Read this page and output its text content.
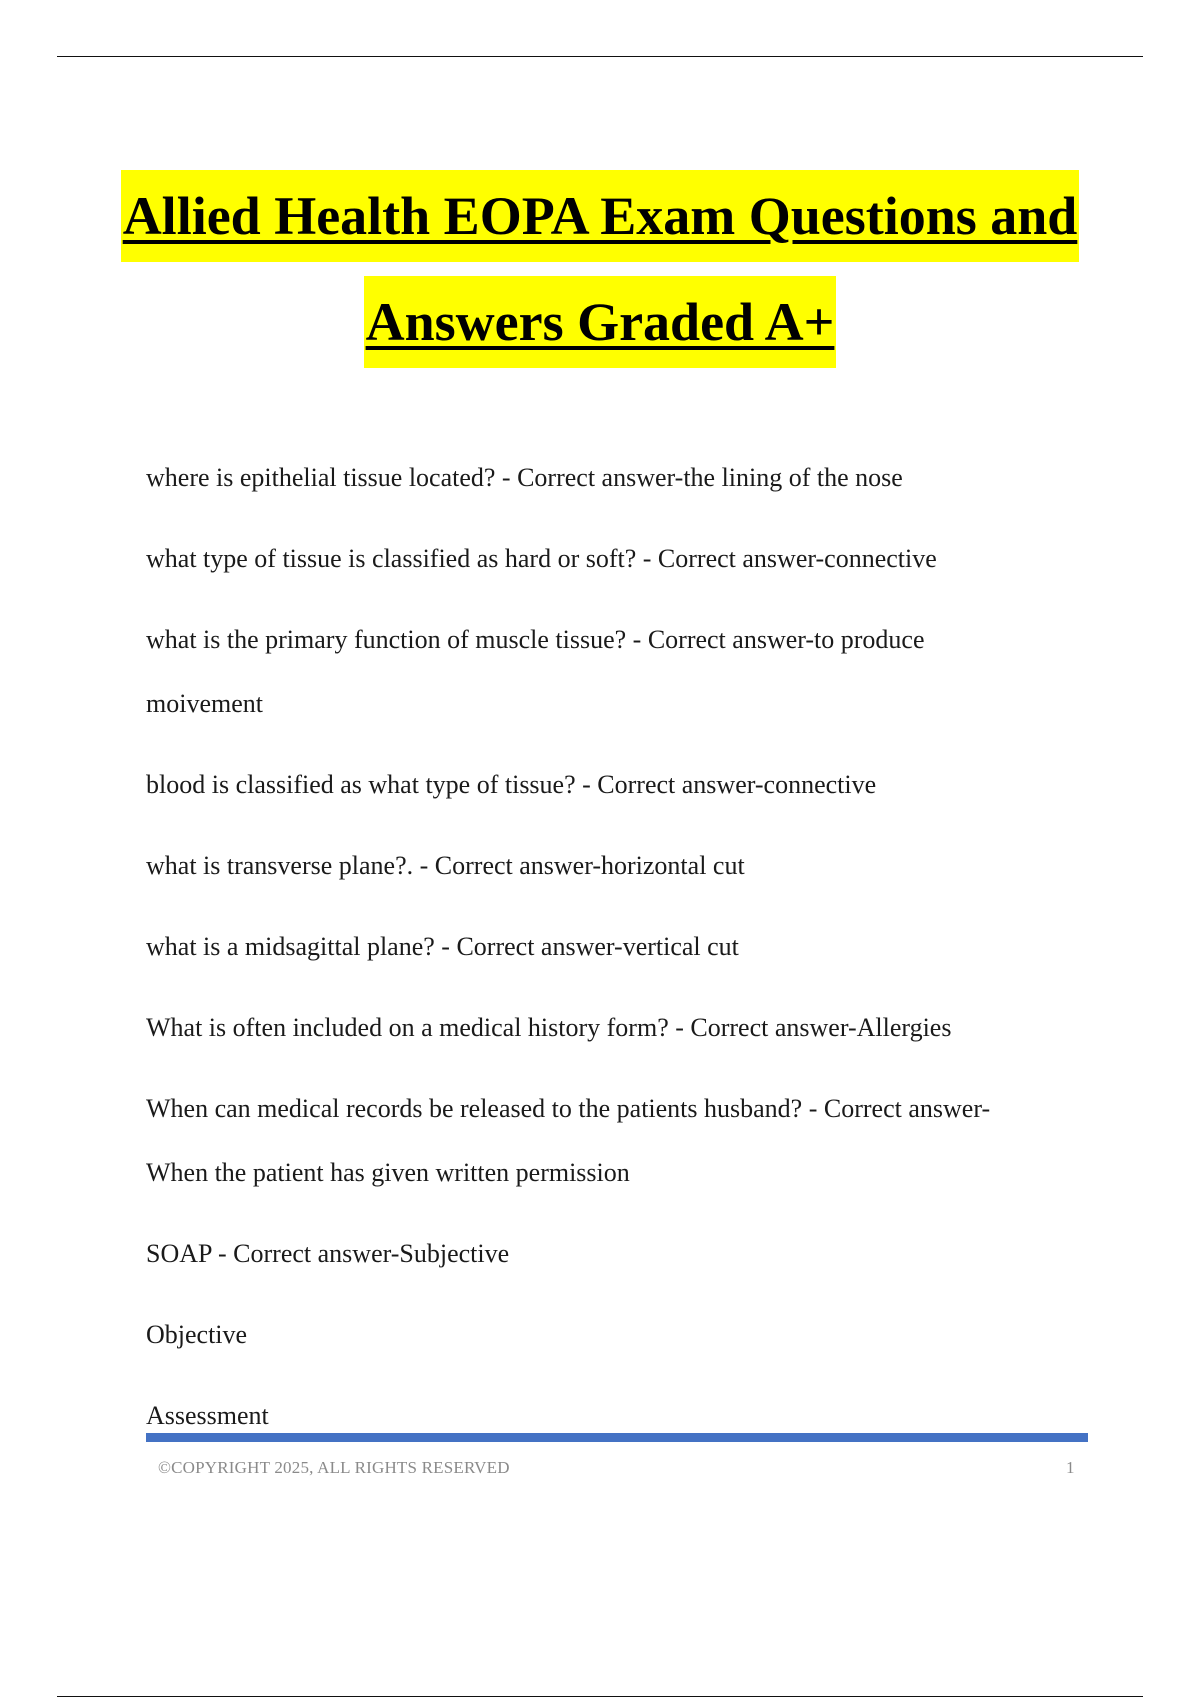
Allied Health EOPA Exam Questions and
Answers Graded A+

where is epithelial tissue located? - Correct answer-the lining of the nose

what type of tissue is classified as hard or soft? - Correct answer-connective

what is the primary function of muscle tissue? - Correct answer-to produce

moivement

blood is classified as what type of tissue? - Correct answer-connective

what is transverse plane?. - Correct answer-horizontal cut

what is a midsagittal plane? - Correct answer-vertical cut

What is often included on a medical history form? - Correct answer-Allergies

When can medical records be released to the patients husband? - Correct answer-

When the patient has given written permission

SOAP - Correct answer-Subjective

Objective

Assessment

©COPYRIGHT 2025, ALL RIGHTS RESERVED	1
